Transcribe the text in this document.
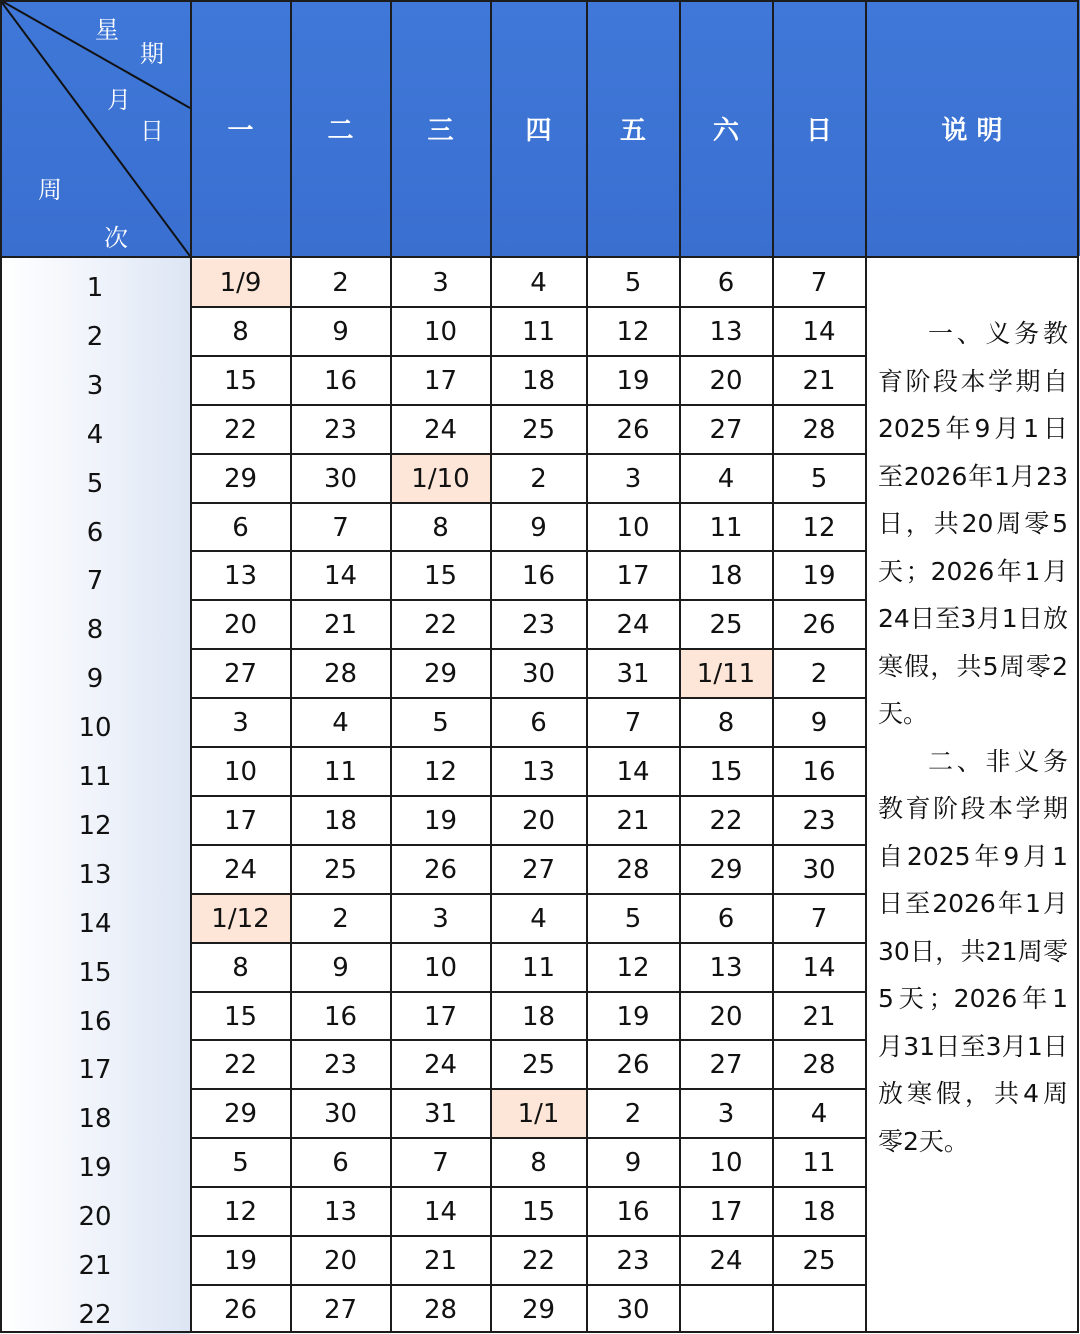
星
期
月
日
周
次
一	二	三	四	五	六	日	说 明
1	1/9	2	3	4	5	6	7
2	8	9	10	11	12	13	14
3	15	16	17	18	19	20	21
4	22	23	24	25	26	27	28
5	29	30	1/10	2	3	4	5
6	6	7	8	9	10	11	12
7	13	14	15	16	17	18	19
8	20	21	22	23	24	25	26
9	27	28	29	30	31	1/11	2
10	3	4	5	6	7	8	9
11	10	11	12	13	14	15	16
12	17	18	19	20	21	22	23
13	24	25	26	27	28	29	30
14	1/12	2	3	4	5	6	7
15	8	9	10	11	12	13	14
16	15	16	17	18	19	20	21
17	22	23	24	25	26	27	28
18	29	30	31	1/1	2	3	4
19	5	6	7	8	9	10	11
20	12	13	14	15	16	17	18
21	19	20	21	22	23	24	25
22	26	27	28	29	30

一、义务教育阶段本学期自2025年9月1日至2026年1月23日，共20周零5天；2026年1月24日至3月1日放寒假，共5周零2天。

二、非义务教育阶段本学期自2025年9月1日至2026年1月30日，共21周零5天；2026年1月31日至3月1日放寒假，共4周零2天。
